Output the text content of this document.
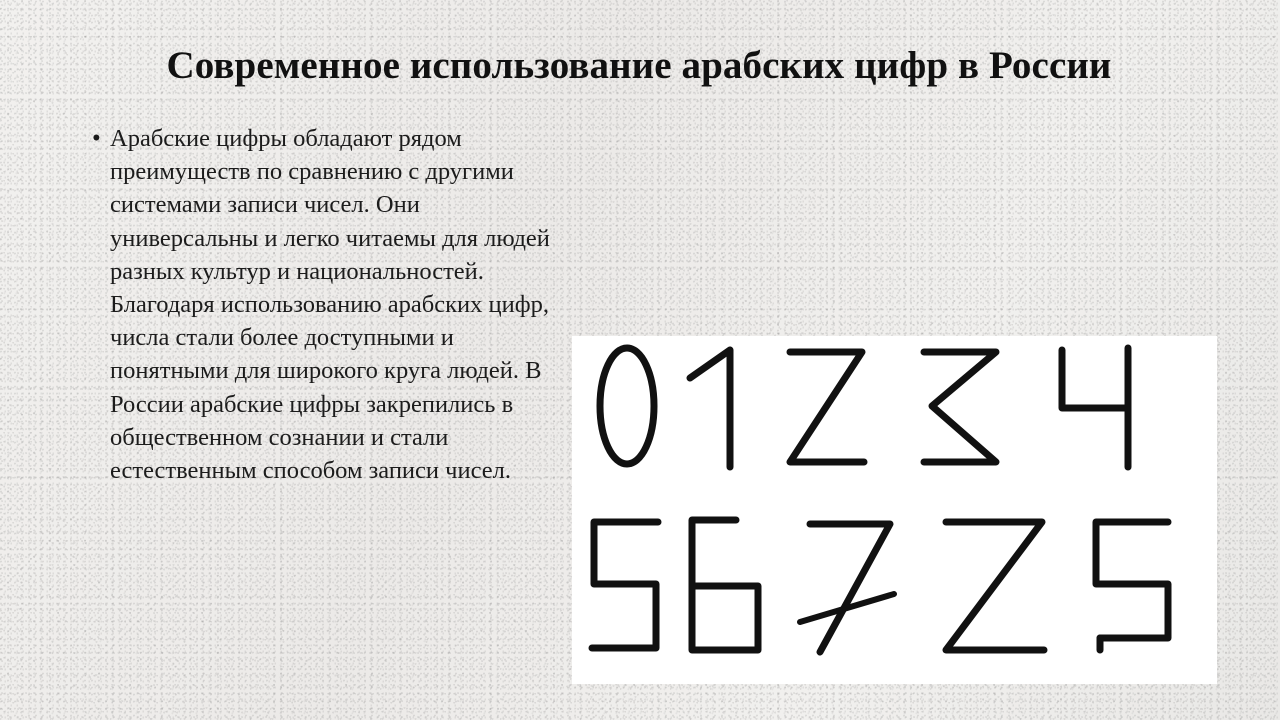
Современное использование арабских цифр в России
• Арабские цифры обладают рядом преимуществ по сравнению с другими системами записи чисел. Они универсальны и легко читаемы для людей разных культур и национальностей. Благодаря использованию арабских цифр, числа стали более доступными и понятными для широкого круга людей. В России арабские цифры закрепились в общественном сознании и стали естественным способом записи чисел.
